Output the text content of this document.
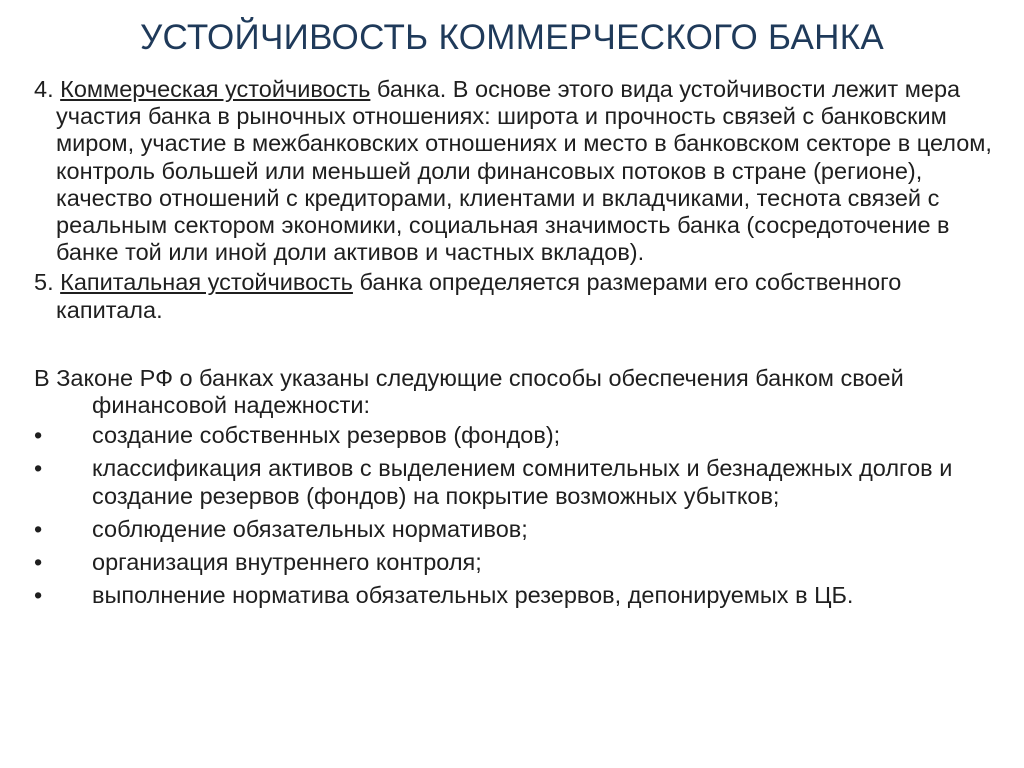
УСТОЙЧИВОСТЬ КОММЕРЧЕСКОГО БАНКА

4. Коммерческая устойчивость банка. В основе этого вида устойчивости лежит мера участия банка в рыночных отношениях: широта и прочность связей с банковским миром, участие в межбанковских отношениях и место в банковском секторе в целом, контроль большей или меньшей доли финансовых потоков в стране (регионе), качество отношений с кредиторами, клиентами и вкладчиками, теснота связей с реальным сектором экономики, социальная значимость банка (сосредоточение в банке той или иной доли активов и частных вкладов).

5. Капитальная устойчивость банка определяется размерами его собственного капитала.

В Законе РФ о банках указаны следующие способы обеспечения банком своей финансовой надежности:

•	создание собственных резервов (фондов);
•	классификация активов с выделением сомнительных и безнадежных долгов и создание резервов (фондов) на покрытие возможных убытков;
•	соблюдение обязательных нормативов;
•	организация внутреннего контроля;
•	выполнение норматива обязательных резервов, депонируемых в ЦБ.
